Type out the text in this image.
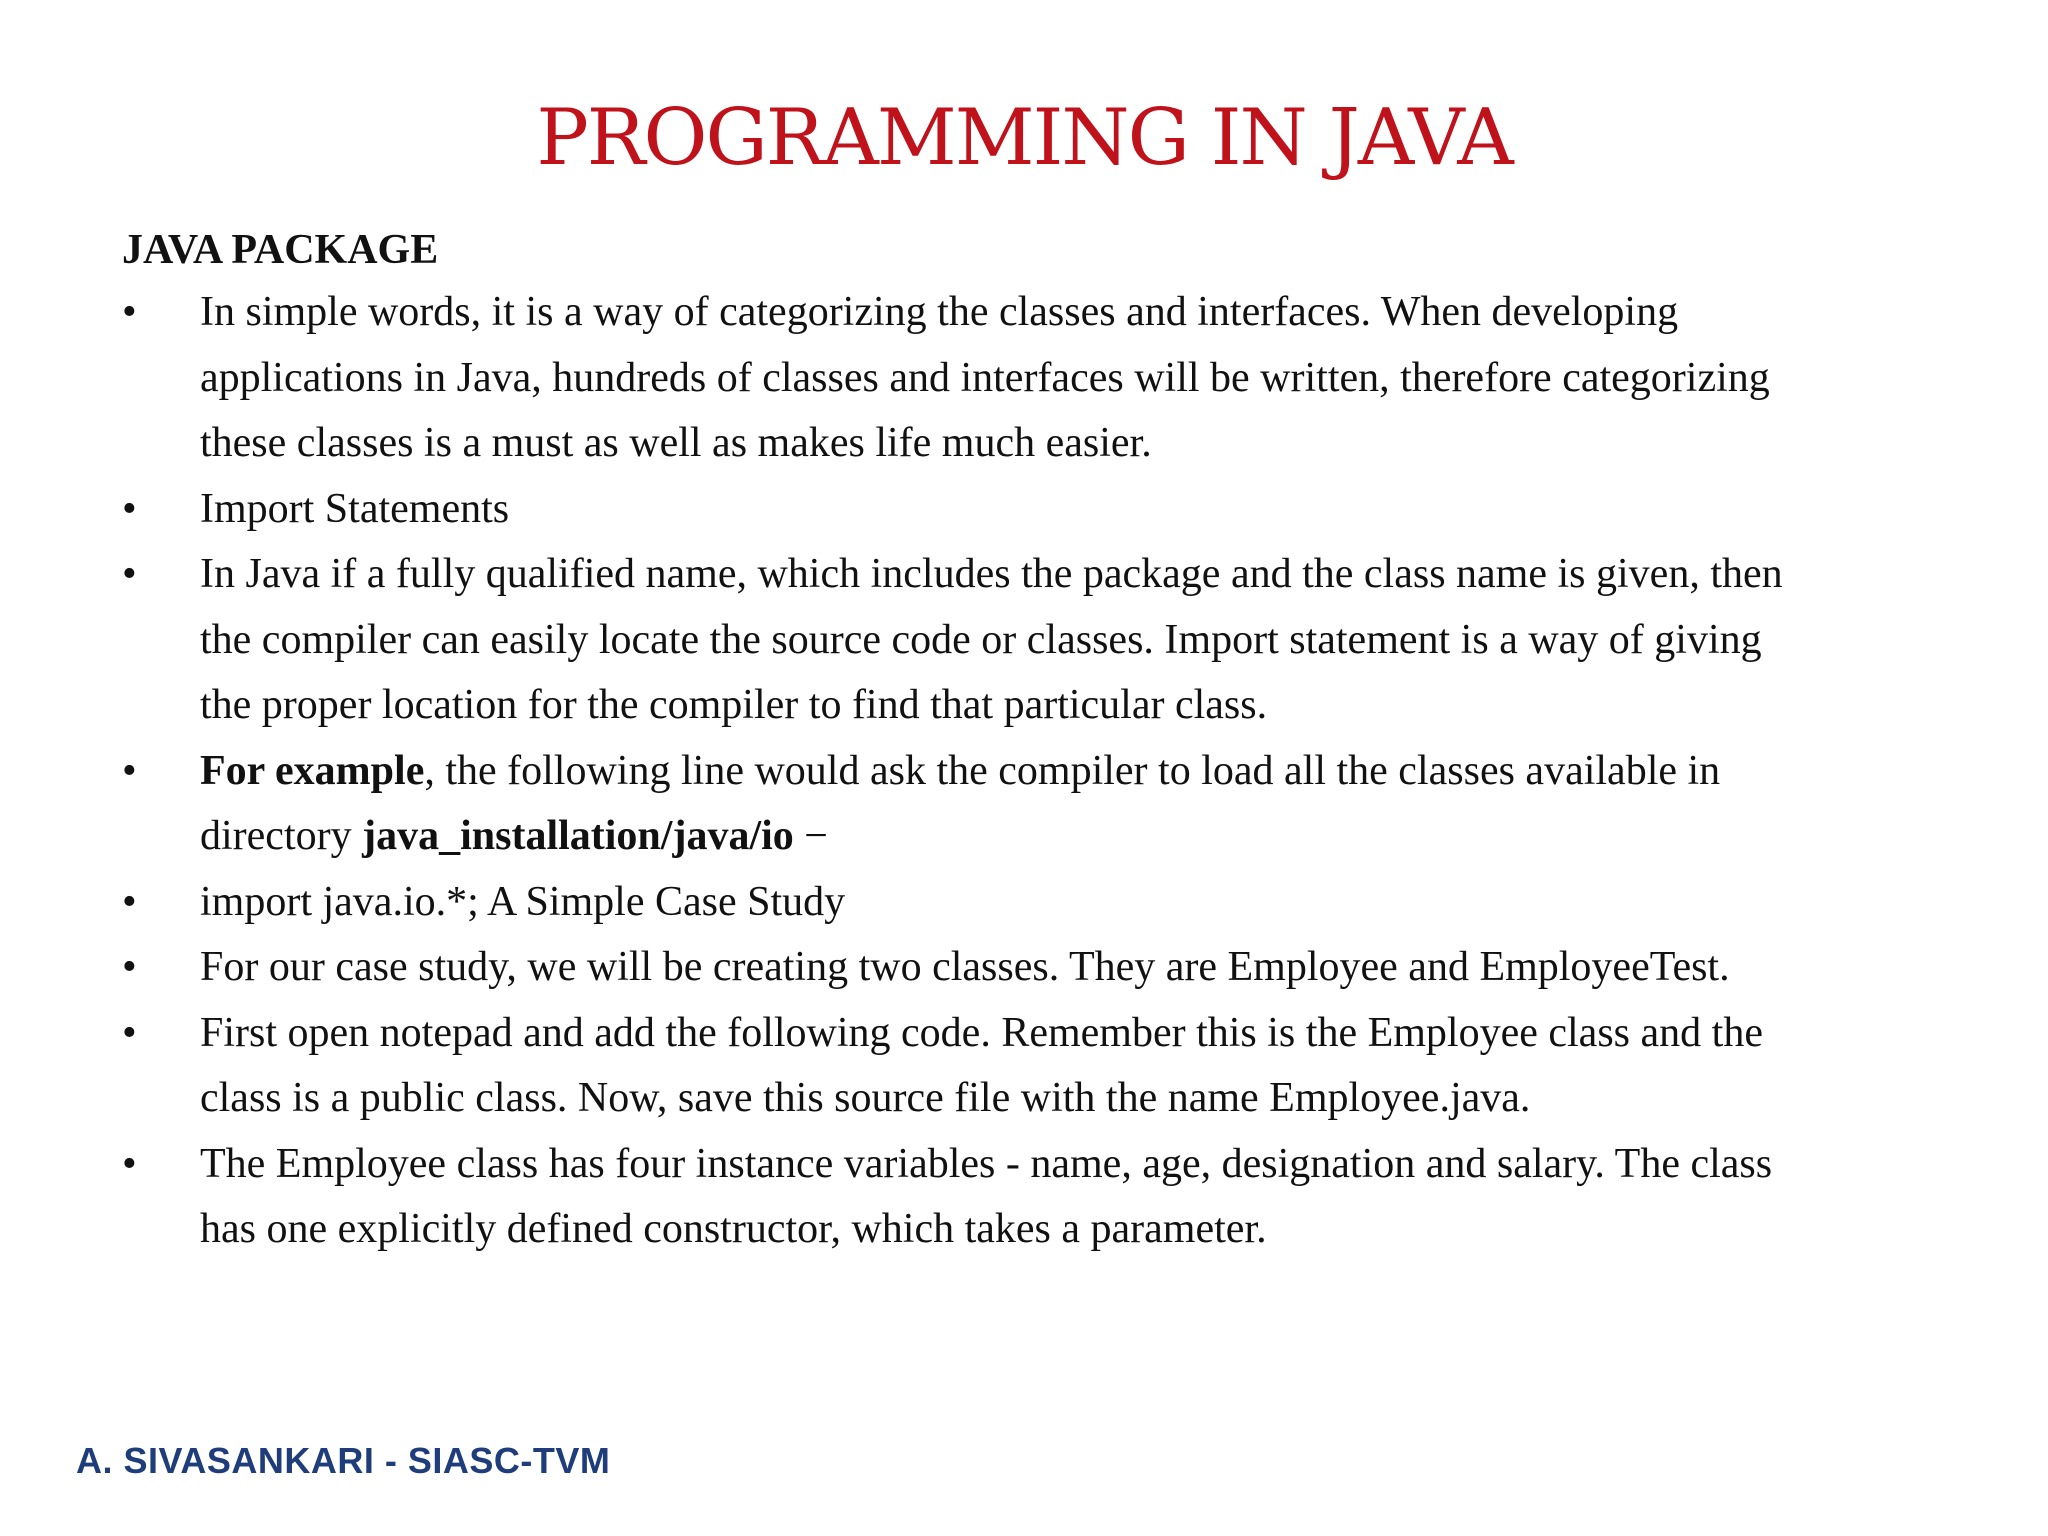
PROGRAMMING IN JAVA
JAVA PACKAGE
• In simple words, it is a way of categorizing the classes and interfaces. When developing
applications in Java, hundreds of classes and interfaces will be written, therefore categorizing
these classes is a must as well as makes life much easier.
• Import Statements
• In Java if a fully qualified name, which includes the package and the class name is given, then
the compiler can easily locate the source code or classes. Import statement is a way of giving
the proper location for the compiler to find that particular class.
• For example, the following line would ask the compiler to load all the classes available in
directory java_installation/java/io −
• import java.io.*; A Simple Case Study
• For our case study, we will be creating two classes. They are Employee and EmployeeTest.
• First open notepad and add the following code. Remember this is the Employee class and the
class is a public class. Now, save this source file with the name Employee.java.
• The Employee class has four instance variables - name, age, designation and salary. The class
has one explicitly defined constructor, which takes a parameter.
A. SIVASANKARI - SIASC-TVM
